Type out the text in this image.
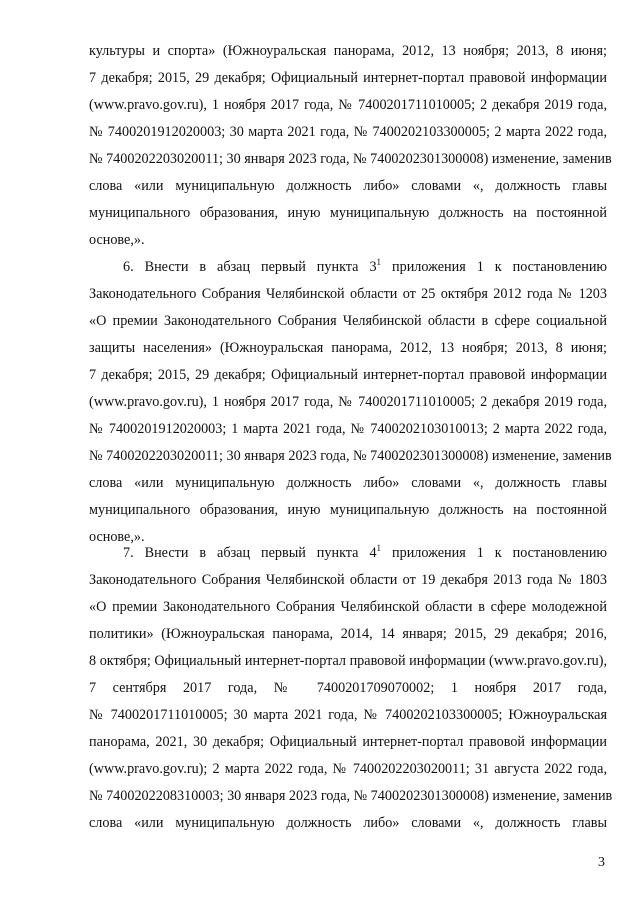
культуры и спорта» (Южноуральская панорама, 2012, 13 ноября; 2013, 8 июня;
7 декабря; 2015, 29 декабря; Официальный интернет-портал правовой информации
(www.pravo.gov.ru), 1 ноября 2017 года, № 7400201711010005; 2 декабря 2019 года,
№ 7400201912020003; 30 марта 2021 года, № 7400202103300005; 2 марта 2022 года,
№ 7400202203020011; 30 января 2023 года, № 7400202301300008) изменение, заменив
слова «или муниципальную должность либо» словами «, должность главы
муниципального образования, иную муниципальную должность на постоянной
основе,».
6. Внести в абзац первый пункта $3^1$ приложения 1 к постановлению
Законодательного Собрания Челябинской области от 25 октября 2012 года № 1203
«О премии Законодательного Собрания Челябинской области в сфере социальной
защиты населения» (Южноуральская панорама, 2012, 13 ноября; 2013, 8 июня;
7 декабря; 2015, 29 декабря; Официальный интернет-портал правовой информации
(www.pravo.gov.ru), 1 ноября 2017 года, № 7400201711010005; 2 декабря 2019 года,
№ 7400201912020003; 1 марта 2021 года, № 7400202103010013; 2 марта 2022 года,
№ 7400202203020011; 30 января 2023 года, № 7400202301300008) изменение, заменив
слова «или муниципальную должность либо» словами «, должность главы
муниципального образования, иную муниципальную должность на постоянной
основе,».
7. Внести в абзац первый пункта $4^1$ приложения 1 к постановлению
Законодательного Собрания Челябинской области от 19 декабря 2013 года № 1803
«О премии Законодательного Собрания Челябинской области в сфере молодежной
политики» (Южноуральская панорама, 2014, 14 января; 2015, 29 декабря; 2016,
8 октября; Официальный интернет-портал правовой информации (www.pravo.gov.ru),
7 сентября 2017 года, № 7400201709070002; 1 ноября 2017 года,
№ 7400201711010005; 30 марта 2021 года, № 7400202103300005; Южноуральская
панорама, 2021, 30 декабря; Официальный интернет-портал правовой информации
(www.pravo.gov.ru); 2 марта 2022 года, № 7400202203020011; 31 августа 2022 года,
№ 7400202208310003; 30 января 2023 года, № 7400202301300008) изменение, заменив
слова «или муниципальную должность либо» словами «, должность главы
3
